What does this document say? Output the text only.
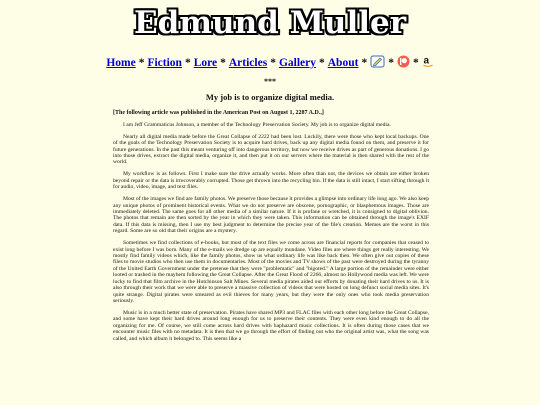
Edmund Muller
Home * Fiction * Lore * Articles * Gallery * About * * * a
***
My job is to organize digital media.

[The following article was published in the American Post on August 1, 2287 A.D.,]

I am Jeff Grammaticus Johnson, a member of the Technology Preservation Society. My job is to organize digital media.

Nearly all digital media made before the Great Collapse of 2222 had been lost. Luckily, there were those who kept local backups. One of the goals of the Technology Preservation Society is to acquire hard drives, back up any digital media found on them, and preserve it for future generations. In the past this meant venturing off into dangerous territory, but now we receive drives as part of generous donations. I go into those drives, extract the digital media, organize it, and then put it on our servers where the material is then shared with the rest of the world.

My workflow is as follows. First I make sure the drive actually works. More often than not, the devices we obtain are either broken beyond repair or the data is irrecoverably corrupted. Those get thrown into the recycling bin. If the data is still intact, I start sifting through it for audio, video, image, and text files.

Most of the images we find are family photos. We preserve those because it provides a glimpse into ordinary life long ago. We also keep any unique photos of prominent historical events. What we do not preserve are obscene, pornographic, or blasphemous images. Those are immediately deleted. The same goes for all other media of a similar nature. If it is profane or wretched, it is consigned to digital oblivion. The photos that remain are then sorted by the year in which they were taken. This information can be obtained through the image's EXIF data. If this data is missing, then I use my best judgment to determine the precise year of the file's creation. Memes are the worst in this regard. Some are so old that their origins are a mystery.

Sometimes we find collections of e-books, but most of the text files we come across are financial reports for companies that ceased to exist long before I was born. Many of the e-mails we dredge up are equally mundane. Video files are where things get really interesting. We mostly find family videos which, like the family photos, show us what ordinary life was like back then. We often give out copies of these files to movie studios who then use them in documentaries. Most of the movies and TV shows of the past were destroyed during the tyranny of the United Earth Government under the pretense that they were "problematic" and "bigoted." A large portion of the remainder were either looted or trashed in the mayhem following the Great Collapse. After the Great Flood of 2266, almost no Hollywood media was left. We were lucky to find that film archive in the Hutchinson Salt Mines. Several media pirates aided our efforts by donating their hard drives to us. It is also through their work that we were able to preserve a massive collection of videos that were hosted on long defunct social media sites. It's quite strange. Digital pirates were smeared as evil thieves for many years, but they were the only ones who took media preservation seriously.

Music is in a much better state of preservation. Pirates have shared MP3 and FLAC files with each other long before the Great Collapse, and some have kept their hard drives around long enough for us to preserve their contents. They were even kind enough to do all the organizing for me. Of course, we still come across hard drives with haphazard music collections. It is often during those cases that we encounter music files with no metadata. It is then that we go through the effort of finding out who the original artist was, what the song was called, and which album it belonged to. This seems like a
